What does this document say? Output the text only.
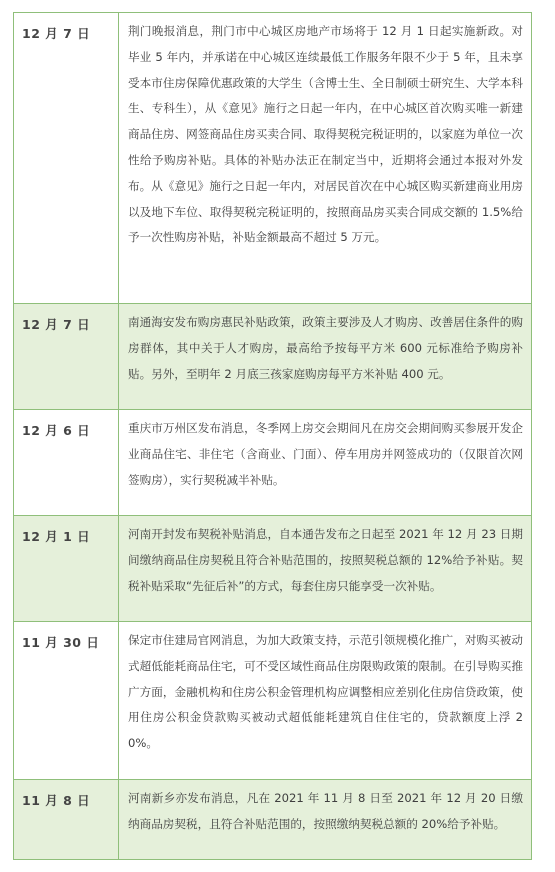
12 月 7 日	荆门晚报消息，荆门市中心城区房地产市场将于 12 月 1 日起实施新政。对毕业 5 年内，并承诺在中心城区连续最低工作服务年限不少于 5 年，且未享受本市住房保障优惠政策的大学生（含博士生、全日制硕士研究生、大学本科生、专科生），从《意见》施行之日起一年内，在中心城区首次购买唯一新建商品住房、网签商品住房买卖合同、取得契税完税证明的，以家庭为单位一次性给予购房补贴。具体的补贴办法正在制定当中，近期将会通过本报对外发布。从《意见》施行之日起一年内，对居民首次在中心城区购买新建商业用房以及地下车位、取得契税完税证明的，按照商品房买卖合同成交额的 1.5%给予一次性购房补贴，补贴金额最高不超过 5 万元。
12 月 7 日	南通海安发布购房惠民补贴政策，政策主要涉及人才购房、改善居住条件的购房群体，其中关于人才购房，最高给予按每平方米 600 元标准给予购房补贴。另外，至明年 2 月底三孩家庭购房每平方米补贴 400 元。
12 月 6 日	重庆市万州区发布消息，冬季网上房交会期间凡在房交会期间购买参展开发企业商品住宅、非住宅（含商业、门面）、停车用房并网签成功的（仅限首次网签购房），实行契税减半补贴。
12 月 1 日	河南开封发布契税补贴消息，自本通告发布之日起至 2021 年 12 月 23 日期间缴纳商品住房契税且符合补贴范围的，按照契税总额的 12%给予补贴。契税补贴采取“先征后补”的方式，每套住房只能享受一次补贴。
11 月 30 日	保定市住建局官网消息，为加大政策支持，示范引领规模化推广，对购买被动式超低能耗商品住宅，可不受区域性商品住房限购政策的限制。在引导购买推广方面，金融机构和住房公积金管理机构应调整相应差别化住房信贷政策，使用住房公积金贷款购买被动式超低能耗建筑自住住宅的，贷款额度上浮 20%。
11 月 8 日	河南新乡亦发布消息，凡在 2021 年 11 月 8 日至 2021 年 12 月 20 日缴纳商品房契税，且符合补贴范围的，按照缴纳契税总额的 20%给予补贴。
